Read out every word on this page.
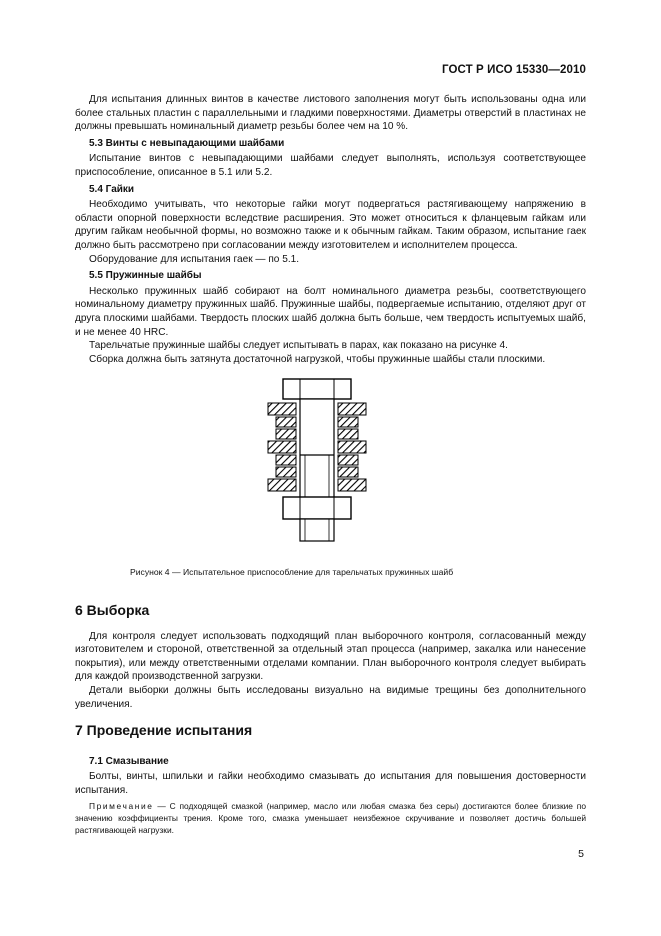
ГОСТ Р ИСО 15330—2010

Для испытания длинных винтов в качестве листового заполнения могут быть использованы одна или более стальных пластин с параллельными и гладкими поверхностями. Диаметры отверстий в пластинах не должны превышать номинальный диаметр резьбы более чем на 10 %.

5.3 Винты с невыпадающими шайбами

Испытание винтов с невыпадающими шайбами следует выполнять, используя соответствующее приспособление, описанное в 5.1 или 5.2.

5.4 Гайки

Необходимо учитывать, что некоторые гайки могут подвергаться растягивающему напряжению в области опорной поверхности вследствие расширения. Это может относиться к фланцевым гайкам или другим гайкам необычной формы, но возможно также и к обычным гайкам. Таким образом, испытание гаек должно быть рассмотрено при согласовании между изготовителем и исполнителем процесса.

Оборудование для испытания гаек — по 5.1.

5.5 Пружинные шайбы

Несколько пружинных шайб собирают на болт номинального диаметра резьбы, соответствующего номинальному диаметру пружинных шайб. Пружинные шайбы, подвергаемые испытанию, отделяют друг от друга плоскими шайбами. Твердость плоских шайб должна быть больше, чем твердость испытуемых шайб, и не менее 40 HRC.

Тарельчатые пружинные шайбы следует испытывать в парах, как показано на рисунке 4.

Сборка должна быть затянута достаточной нагрузкой, чтобы пружинные шайбы стали плоскими.

Рисунок 4 — Испытательное приспособление для тарельчатых пружинных шайб
6 Выборка

Для контроля следует использовать подходящий план выборочного контроля, согласованный между изготовителем и стороной, ответственной за отдельный этап процесса (например, закалка или нанесение покрытия), или между ответственными отделами компании. План выборочного контроля следует выбирать для каждой производственной загрузки.

Детали выборки должны быть исследованы визуально на видимые трещины без дополнительного увеличения.

7 Проведение испытания
7.1 Смазывание

Болты, винты, шпильки и гайки необходимо смазывать до испытания для повышения достоверности испытания.

Примечание — С подходящей смазкой (например, масло или любая смазка без серы) достигаются более близкие по значению коэффициенты трения. Кроме того, смазка уменьшает неизбежное скручивание и позволяет достичь большей растягивающей нагрузки.

5
